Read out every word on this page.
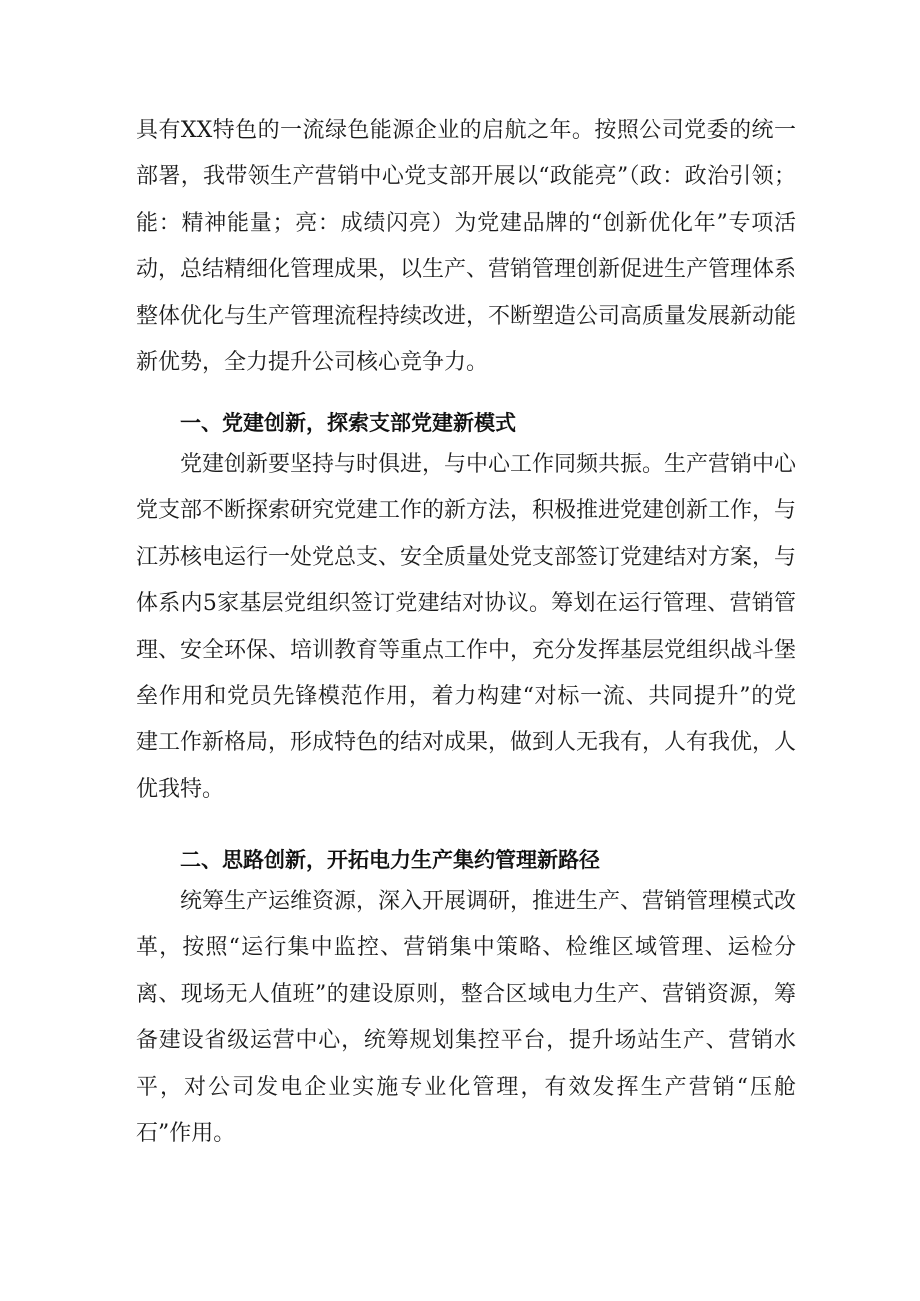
具有XX特色的一流绿色能源企业的启航之年。按照公司党委的统一部署，我带领生产营销中心党支部开展以“政能亮”（政：政治引领；能：精神能量；亮：成绩闪亮）为党建品牌的“创新优化年”专项活动，总结精细化管理成果，以生产、营销管理创新促进生产管理体系整体优化与生产管理流程持续改进，不断塑造公司高质量发展新动能新优势，全力提升公司核心竞争力。

一、党建创新，探索支部党建新模式

党建创新要坚持与时俱进，与中心工作同频共振。生产营销中心党支部不断探索研究党建工作的新方法，积极推进党建创新工作，与江苏核电运行一处党总支、安全质量处党支部签订党建结对方案，与体系内5家基层党组织签订党建结对协议。筹划在运行管理、营销管理、安全环保、培训教育等重点工作中，充分发挥基层党组织战斗堡垒作用和党员先锋模范作用，着力构建“对标一流、共同提升”的党建工作新格局，形成特色的结对成果，做到人无我有，人有我优，人优我特。

二、思路创新，开拓电力生产集约管理新路径

统筹生产运维资源，深入开展调研，推进生产、营销管理模式改革，按照“运行集中监控、营销集中策略、检维区域管理、运检分离、现场无人值班”的建设原则，整合区域电力生产、营销资源，筹备建设省级运营中心，统筹规划集控平台，提升场站生产、营销水平，对公司发电企业实施专业化管理，有效发挥生产营销“压舱石”作用。
